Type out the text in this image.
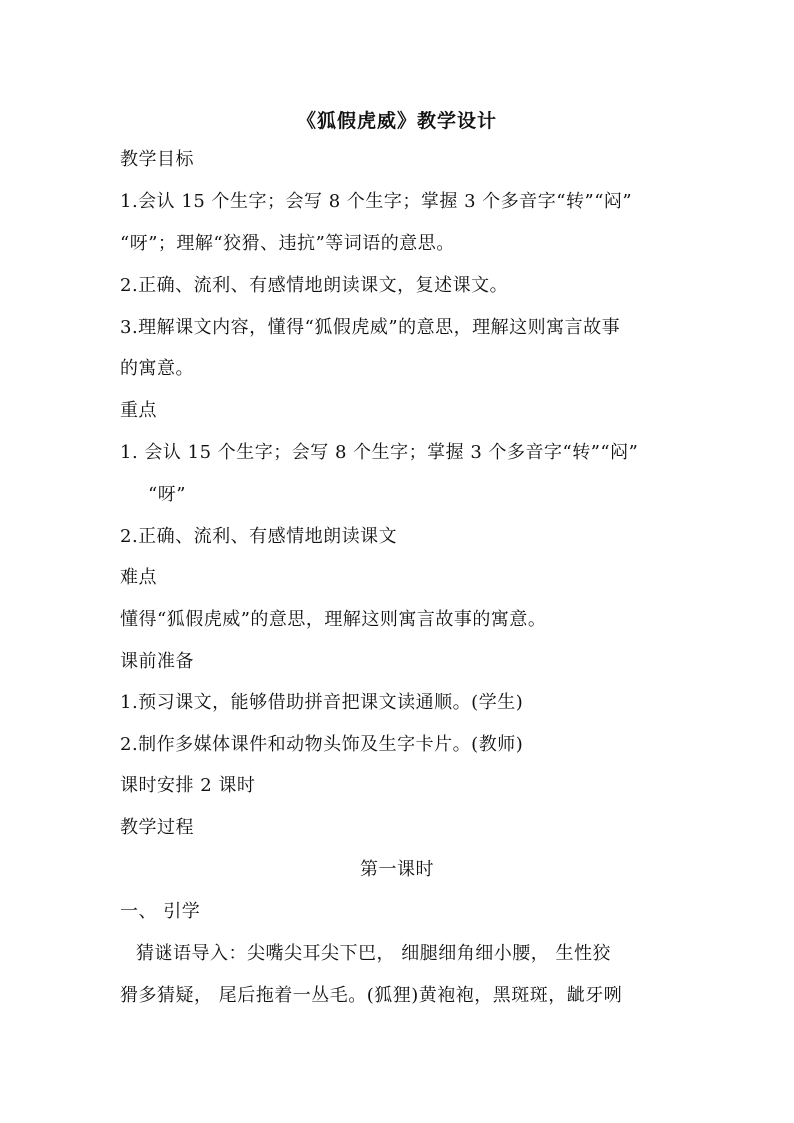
《狐假虎威》教学设计
教学目标
1.会认 15 个生字；会写 8 个生字；掌握 3 个多音字“转”“闷”
“呀”；理解“狡猾、违抗”等词语的意思。
2.正确、流利、有感情地朗读课文，复述课文。
3.理解课文内容，懂得“狐假虎威”的意思，理解这则寓言故事
的寓意。
重点
1. 会认 15 个生字；会写 8 个生字；掌握 3 个多音字“转”“闷”
“呀”
2.正确、流利、有感情地朗读课文
难点
懂得“狐假虎威”的意思，理解这则寓言故事的寓意。
课前准备
1.预习课文，能够借助拼音把课文读通顺。(学生)
2.制作多媒体课件和动物头饰及生字卡片。(教师)
课时安排 2 课时
教学过程
第一课时
一、 引学
猜谜语导入：尖嘴尖耳尖下巴， 细腿细角细小腰， 生性狡
猾多猜疑， 尾后拖着一丛毛。(狐狸)黄袍袍，黑斑斑，龇牙咧
